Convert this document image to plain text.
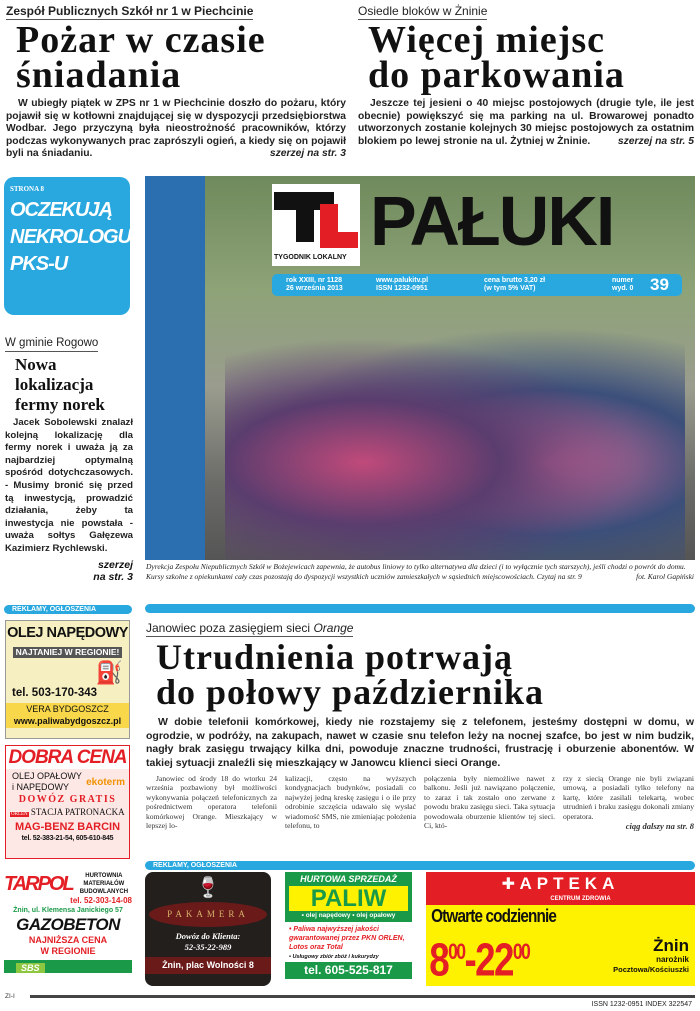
Zespół Publicznych Szkół nr 1 w Piechcinie
Pożar w czasie
śniadania
W ubiegły piątek w ZPS nr 1 w Piechcinie doszło do pożaru, który pojawił się w kotłowni znajdującej się w dyspozycji przedsiębiorstwa Wodbar. Jego przyczyną była nieostrożność pracowników, którzy podczas wykonywanych prac zaprószyli ogień, a kiedy się on pojawił byli na śniadaniu.	szerzej na str. 3
Osiedle bloków w Żninie
Więcej miejsc
do parkowania
Jeszcze tej jesieni o 40 miejsc postojowych (drugie tyle, ile jest obecnie) powiększyć się ma parking na ul. Browarowej ponadto utworzonych zostanie kolejnych 30 miejsc postojowych za ostatnim blokiem po lewej stronie na ul. Żytniej w Żninie.	szerzej na str. 5
TYGODNIK LOKALNY PAŁUKI
rok XXIII, nr 1128
26 września 2013
www.palukitv.pl
ISSN 1232-0951
cena brutto 3,20 zł
(w tym 5% VAT)
numer
wyd. 0 39
Dyrekcja Zespołu Niepublicznych Szkół w Bożejewicach zapewnia, że autobus liniowy to tylko alternatywa dla dzieci (i to wyłącznie tych starszych), jeśli chodzi o powrót do domu. Kursy szkolne z opiekunkami cały czas pozostają do dyspozycji wszystkich uczniów zamieszkałych w sąsiednich miejscowościach. Czytaj na str. 9	fot. Karol Gapiński
STRONA 8
OCZEKUJĄ
NEKROLOGU
PKS-U
W gminie Rogowo
Nowa
lokalizacja
fermy norek
Jacek Sobolewski znalazł kolejną lokalizację dla fermy norek i uważa ją za najbardziej optymalną spośród dotychczasowych. - Musimy bronić się przed tą inwestycją, prowadzić działania, żeby ta inwestycja nie powstała - uważa sołtys Gałęzewa Kazimierz Rychlewski.
szerzej
na str. 3
REKLAMY, OGŁOSZENIA
OLEJ NAPĘDOWY
NAJTANIEJ W REGIONIE!
⛽
tel. 503-170-343
VERA BYDGOSZCZ
www.paliwabydgoszcz.pl
DOBRA CENA
OLEJ OPAŁOWY
i NAPĘDOWY	ekoterm
DOWÓZ GRATIS
ORLEN STACJA PATRONACKA
MAG-BENZ BARCIN
tel. 52-383-21-54, 605-610-845
Janowiec poza zasięgiem sieci Orange
Utrudnienia potrwają
do połowy października
W dobie telefonii komórkowej, kiedy nie rozstajemy się z telefonem, jesteśmy dostępni w domu, w ogrodzie, w podróży, na zakupach, nawet w czasie snu telefon leży na nocnej szafce, bo jest w nim budzik, nagły brak zasięgu trwający kilka dni, powoduje znaczne trudności, frustrację i oburzenie abonentów. W takiej sytuacji znaleźli się mieszkający w Janowcu klienci sieci Orange.
Janowiec od środy 18 do wtorku 24 września pozbawiony był możliwości wykonywania połączeń telefonicznych za pośrednictwem operatora telefonii komórkowej Orange. Mieszkający w lepszej lo-
kalizacji, często na wyższych kondygnacjach budynków, posiadali co najwyżej jedną kreskę zasięgu i o ile przy odrobinie szczęścia udawało się wysłać wiadomość SMS, nie zmieniając położenia telefonu, to
połączenia były niemożliwe nawet z balkonu. Jeśli już nawiązano połączenie, to zaraz i tak zostało ono zerwane z powodu braku zasięgu sieci. Taka sytuacja powodowała oburzenie klientów tej sieci. Ci, któ-
rzy z siecią Orange nie byli związani umową, a posiadali tylko telefony na kartę, które zasilali telekartą, wobec utrudnień i braku zasięgu dokonali zmiany operatora.
ciąg dalszy na str. 8
REKLAMY, OGŁOSZENIA
TARPOL	HURTOWNIA MATERIAŁÓW BUDOWLANYCH
tel. 52-303-14-08
Żnin, ul. Klemensa Janickiego 57
GAZOBETON
NAJNIŻSZA CENA
W REGIONIE
SBS
🍷
PAKAMERA
Dowóz do Klienta:
52-35-22-989
Żnin, plac Wolności 8
HURTOWA SPRZEDAŻ
PALIW
• olej napędowy • olej opałowy
• Paliwa najwyższej jakości gwarantowanej przez PKN ORLEN, Lotos oraz Total
• Usługowy zbiór zbóż i kukurydzy
tel. 605-525-817
✚ APTEKA
CENTRUM ZDROWIA
Otwarte codziennie
$8^{00}-22^{00}$	Żnin
narożnik
Pocztowa/Kościuszki
ZI-I
ISSN 1232-0951 INDEX 322547
